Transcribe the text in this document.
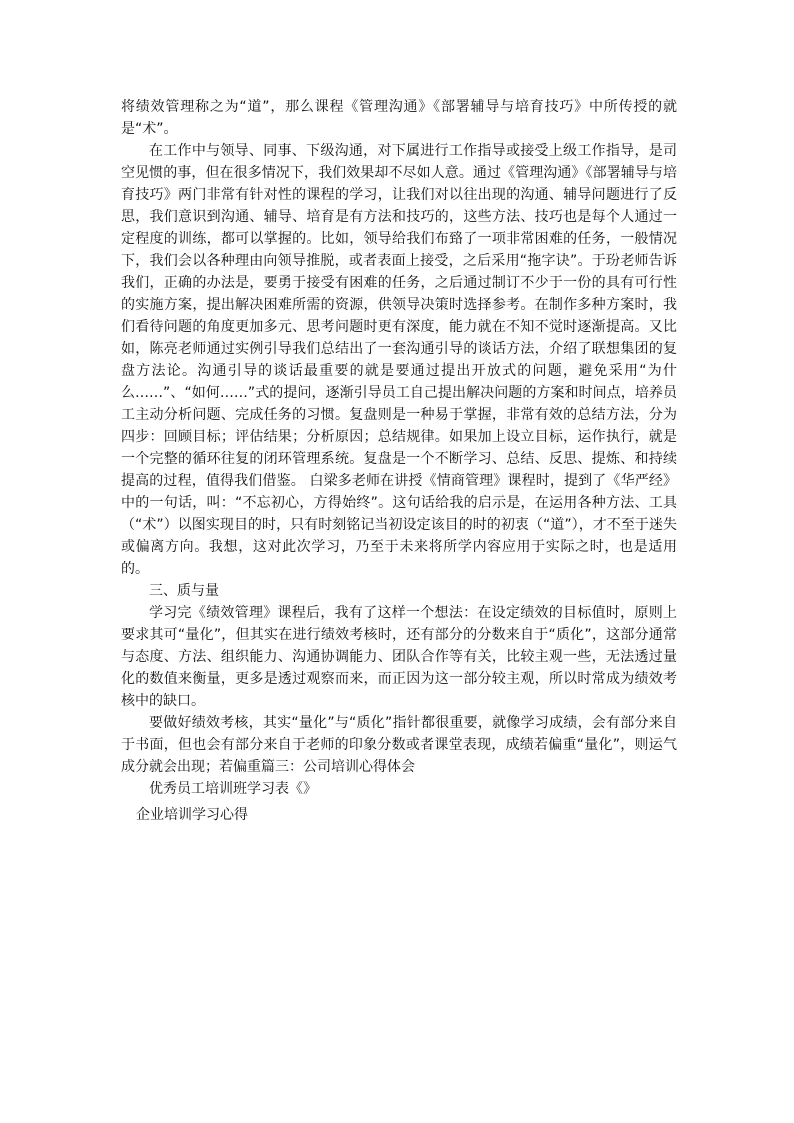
将绩效管理称之为“道”，那么课程《管理沟通》《部署辅导与培育技巧》中所传授的就是“术”。

在工作中与领导、同事、下级沟通，对下属进行工作指导或接受上级工作指导，是司空见惯的事，但在很多情况下，我们效果却不尽如人意。通过《管理沟通》《部署辅导与培育技巧》两门非常有针对性的课程的学习，让我们对以往出现的沟通、辅导问题进行了反思，我们意识到沟通、辅导、培育是有方法和技巧的，这些方法、技巧也是每个人通过一定程度的训练，都可以掌握的。比如，领导给我们布臵了一项非常困难的任务，一般情况下，我们会以各种理由向领导推脱，或者表面上接受，之后采用“拖字诀”。于玢老师告诉我们，正确的办法是，要勇于接受有困难的任务，之后通过制订不少于一份的具有可行性的实施方案，提出解决困难所需的资源，供领导决策时选择参考。在制作多种方案时，我们看待问题的角度更加多元、思考问题时更有深度，能力就在不知不觉时逐渐提高。又比如，陈亮老师通过实例引导我们总结出了一套沟通引导的谈话方法，介绍了联想集团的复盘方法论。沟通引导的谈话最重要的就是要通过提出开放式的问题，避免采用“为什么……”、“如何……”式的提问，逐渐引导员工自己提出解决问题的方案和时间点，培养员工主动分析问题、完成任务的习惯。复盘则是一种易于掌握，非常有效的总结方法，分为四步：回顾目标；评估结果；分析原因；总结规律。如果加上设立目标，运作执行，就是一个完整的循环往复的闭环管理系统。复盘是一个不断学习、总结、反思、提炼、和持续提高的过程，值得我们借鉴。 白梁多老师在讲授《情商管理》课程时，提到了《华严经》中的一句话，叫：“不忘初心，方得始终”。这句话给我的启示是，在运用各种方法、工具（“术”）以图实现目的时，只有时刻铭记当初设定该目的时的初衷（“道”），才不至于迷失或偏离方向。我想，这对此次学习，乃至于未来将所学内容应用于实际之时，也是适用的。

三、质与量

学习完《绩效管理》课程后，我有了这样一个想法：在设定绩效的目标值时，原则上要求其可“量化”，但其实在进行绩效考核时，还有部分的分数来自于“质化”，这部分通常与态度、方法、组织能力、沟通协调能力、团队合作等有关，比较主观一些，无法透过量化的数值来衡量，更多是透过观察而来，而正因为这一部分较主观，所以时常成为绩效考核中的缺口。

要做好绩效考核，其实“量化”与“质化”指针都很重要，就像学习成绩，会有部分来自于书面，但也会有部分来自于老师的印象分数或者课堂表现，成绩若偏重“量化”，则运气成分就会出现；若偏重篇三：公司培训心得体会

优秀员工培训班学习表《》

企业培训学习心得
